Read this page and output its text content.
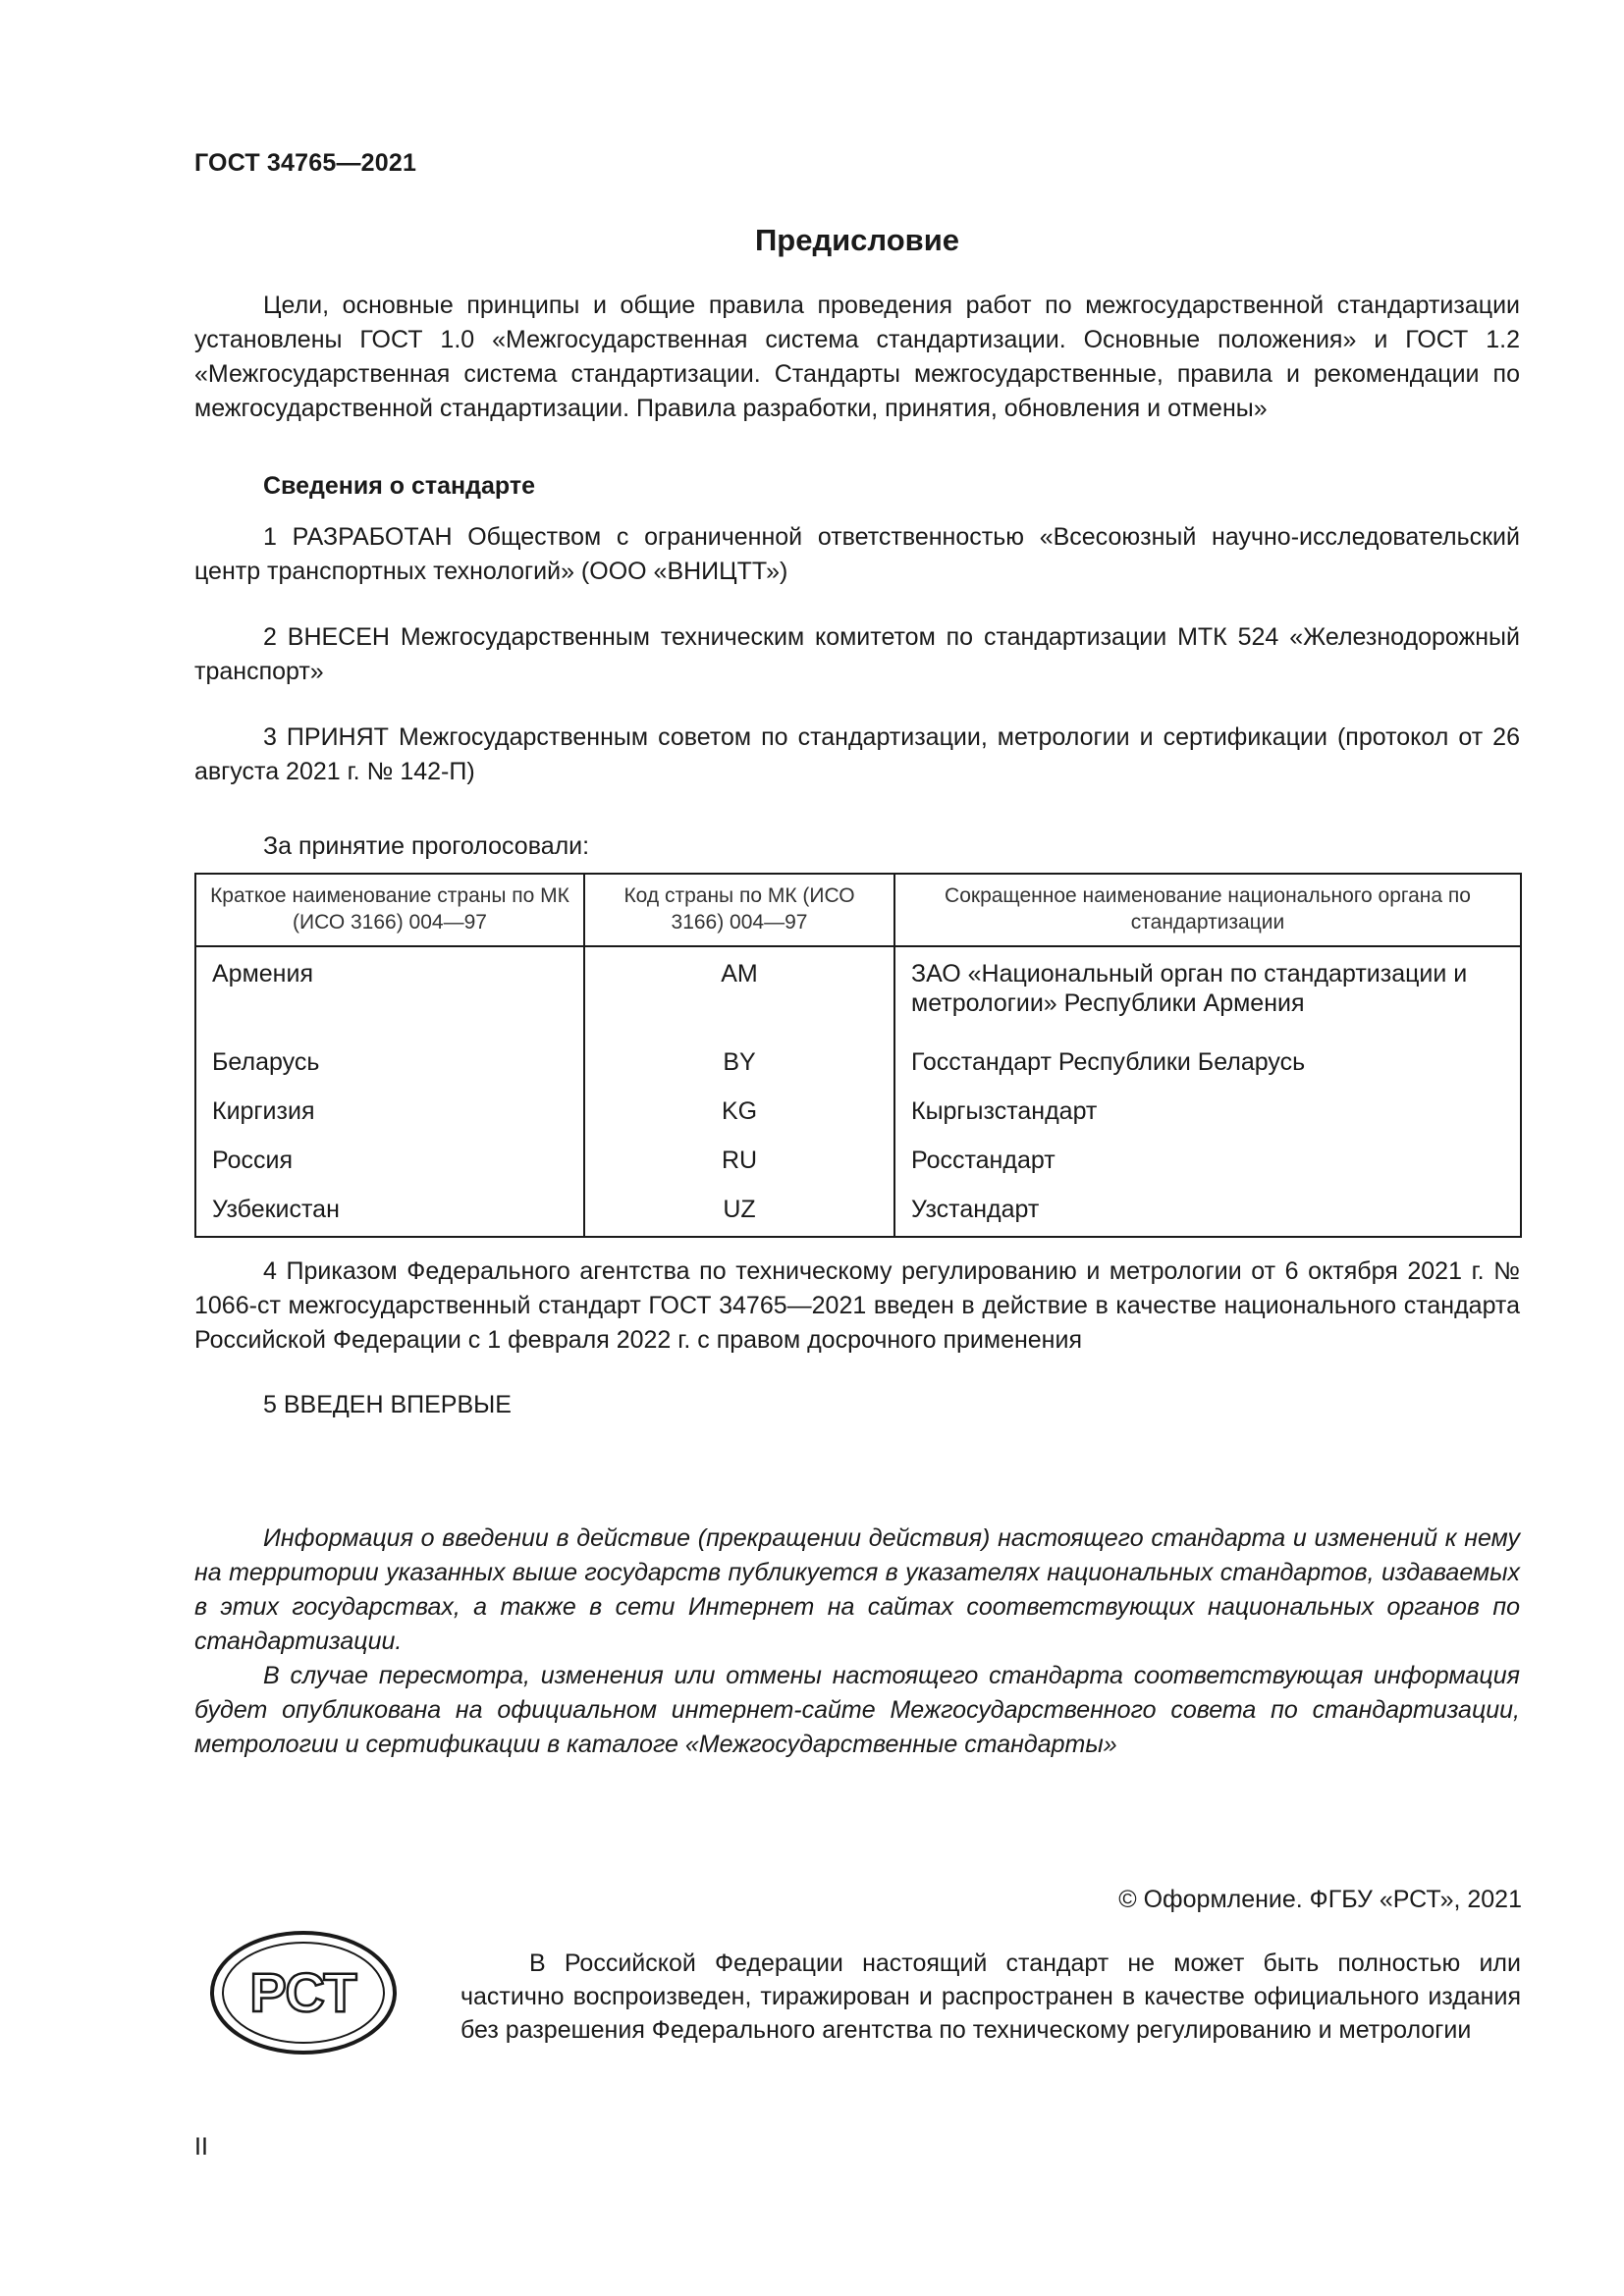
ГОСТ 34765—2021
Предисловие

Цели, основные принципы и общие правила проведения работ по межгосударственной стандартизации установлены ГОСТ 1.0 «Межгосударственная система стандартизации. Основные положения» и ГОСТ 1.2 «Межгосударственная система стандартизации. Стандарты межгосударственные, правила и рекомендации по межгосударственной стандартизации. Правила разработки, принятия, обновления и отмены»

Сведения о стандарте

1 РАЗРАБОТАН Обществом с ограниченной ответственностью «Всесоюзный научно-исследовательский центр транспортных технологий» (ООО «ВНИЦТТ»)

2 ВНЕСЕН Межгосударственным техническим комитетом по стандартизации МТК 524 «Железнодорожный транспорт»

3 ПРИНЯТ Межгосударственным советом по стандартизации, метрологии и сертификации (протокол от 26 августа 2021 г. № 142-П)

За принятие проголосовали:

Краткое наименование страны по МК (ИСО 3166) 004—97	Код страны по МК (ИСО 3166) 004—97	Сокращенное наименование национального органа по стандартизации
Армения	AM	ЗАО «Национальный орган по стандартизации и метрологии» Республики Армения
Беларусь	BY	Госстандарт Республики Беларусь
Киргизия	KG	Кыргызстандарт
Россия	RU	Росстандарт
Узбекистан	UZ	Узстандарт

4 Приказом Федерального агентства по техническому регулированию и метрологии от 6 октября 2021 г. № 1066-ст межгосударственный стандарт ГОСТ 34765—2021 введен в действие в качестве национального стандарта Российской Федерации с 1 февраля 2022 г. с правом досрочного применения

5 ВВЕДЕН ВПЕРВЫЕ

Информация о введении в действие (прекращении действия) настоящего стандарта и изменений к нему на территории указанных выше государств публикуется в указателях национальных стандартов, издаваемых в этих государствах, а также в сети Интернет на сайтах соответствующих национальных органов по стандартизации.

В случае пересмотра, изменения или отмены настоящего стандарта соответствующая информация будет опубликована на официальном интернет-сайте Межгосударственного совета по стандартизации, метрологии и сертификации в каталоге «Межгосударственные стандарты»

© Оформление. ФГБУ «РСТ», 2021
РСТ	В Российской Федерации настоящий стандарт не может быть полностью или частично воспроизведен, тиражирован и распространен в качестве официального издания без разрешения Федерального агентства по техническому регулированию и метрологии

II
